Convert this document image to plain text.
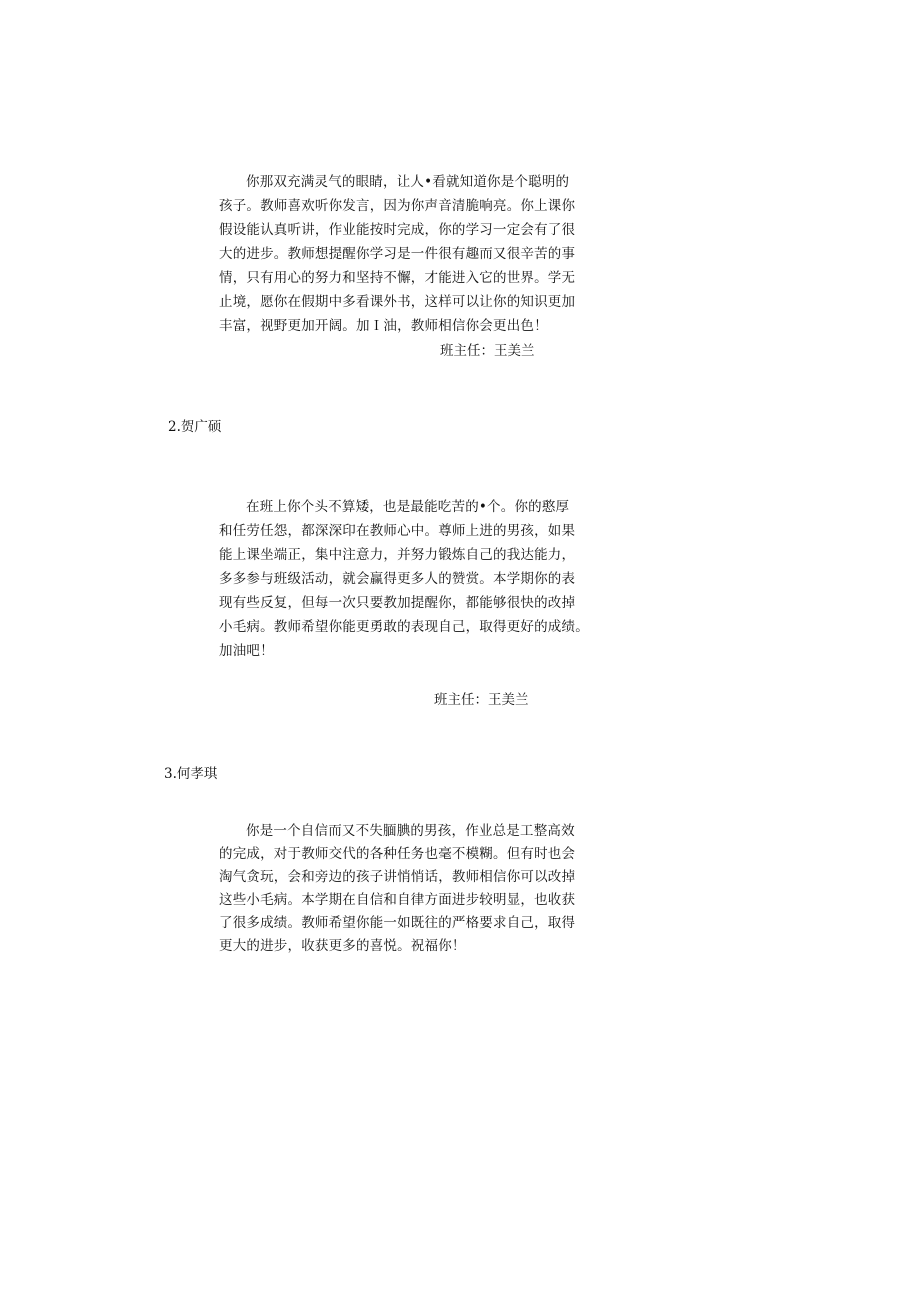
你那双充满灵气的眼睛，让人•看就知道你是个聪明的
孩子。教师喜欢听你发言，因为你声音清脆响亮。你上课你
假设能认真听讲，作业能按时完成，你的学习一定会有了很
大的进步。教师想提醒你学习是一件很有趣而又很辛苦的事
情，只有用心的努力和坚持不懈，才能进入它的世界。学无
止境，愿你在假期中多看课外书，这样可以让你的知识更加
丰富，视野更加开阔。加Ｉ油，教师相信你会更出色！
班主任：王美兰
2.贺广硕
在班上你个头不算矮，也是最能吃苦的•个。你的憨厚
和任劳任怨，都深深印在教师心中。尊师上进的男孩，如果
能上课坐端正，集中注意力，并努力锻炼自己的我达能力，
多多参与班级活动，就会赢得更多人的赞赏。本学期你的表
现有些反复，但每一次只要教加提醒你，都能够很快的改掉
小毛病。教师希望你能更勇敢的表现自己，取得更好的成绩。
加油吧！
班主任：王美兰
3.何孝琪
你是一个自信而又不失腼腆的男孩，作业总是工整高效
的完成，对于教师交代的各种任务也毫不模糊。但有时也会
淘气贪玩，会和旁边的孩子讲悄悄话，教师相信你可以改掉
这些小毛病。本学期在自信和自律方面进步较明显，也收获
了很多成绩。教师希望你能一如既往的严格要求自己，取得
更大的进步，收获更多的喜悦。祝福你！
